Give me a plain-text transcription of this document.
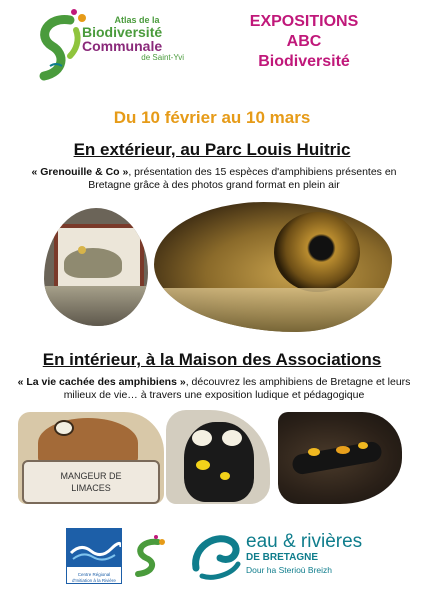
Atlas de la
Biodiversité
Communale
de Saint-Yvi
EXPOSITIONS
ABC
Biodiversité
Du 10 février au 10 mars
En extérieur, au Parc Louis Huitric
« Grenouille & Co », présentation des 15 espèces d'amphibiens présentes en Bretagne grâce à des photos grand format en plein air
En intérieur, à la Maison des Associations
« La vie cachée des amphibiens », découvrez les amphibiens de Bretagne et leurs milieux de vie… à travers une exposition ludique et pédagogique
MANGEUR DE
LIMACES
Centre Régional
d'Initiation à la Rivière
eau & rivières
DE BRETAGNE
Dour ha Sterioù Breizh
